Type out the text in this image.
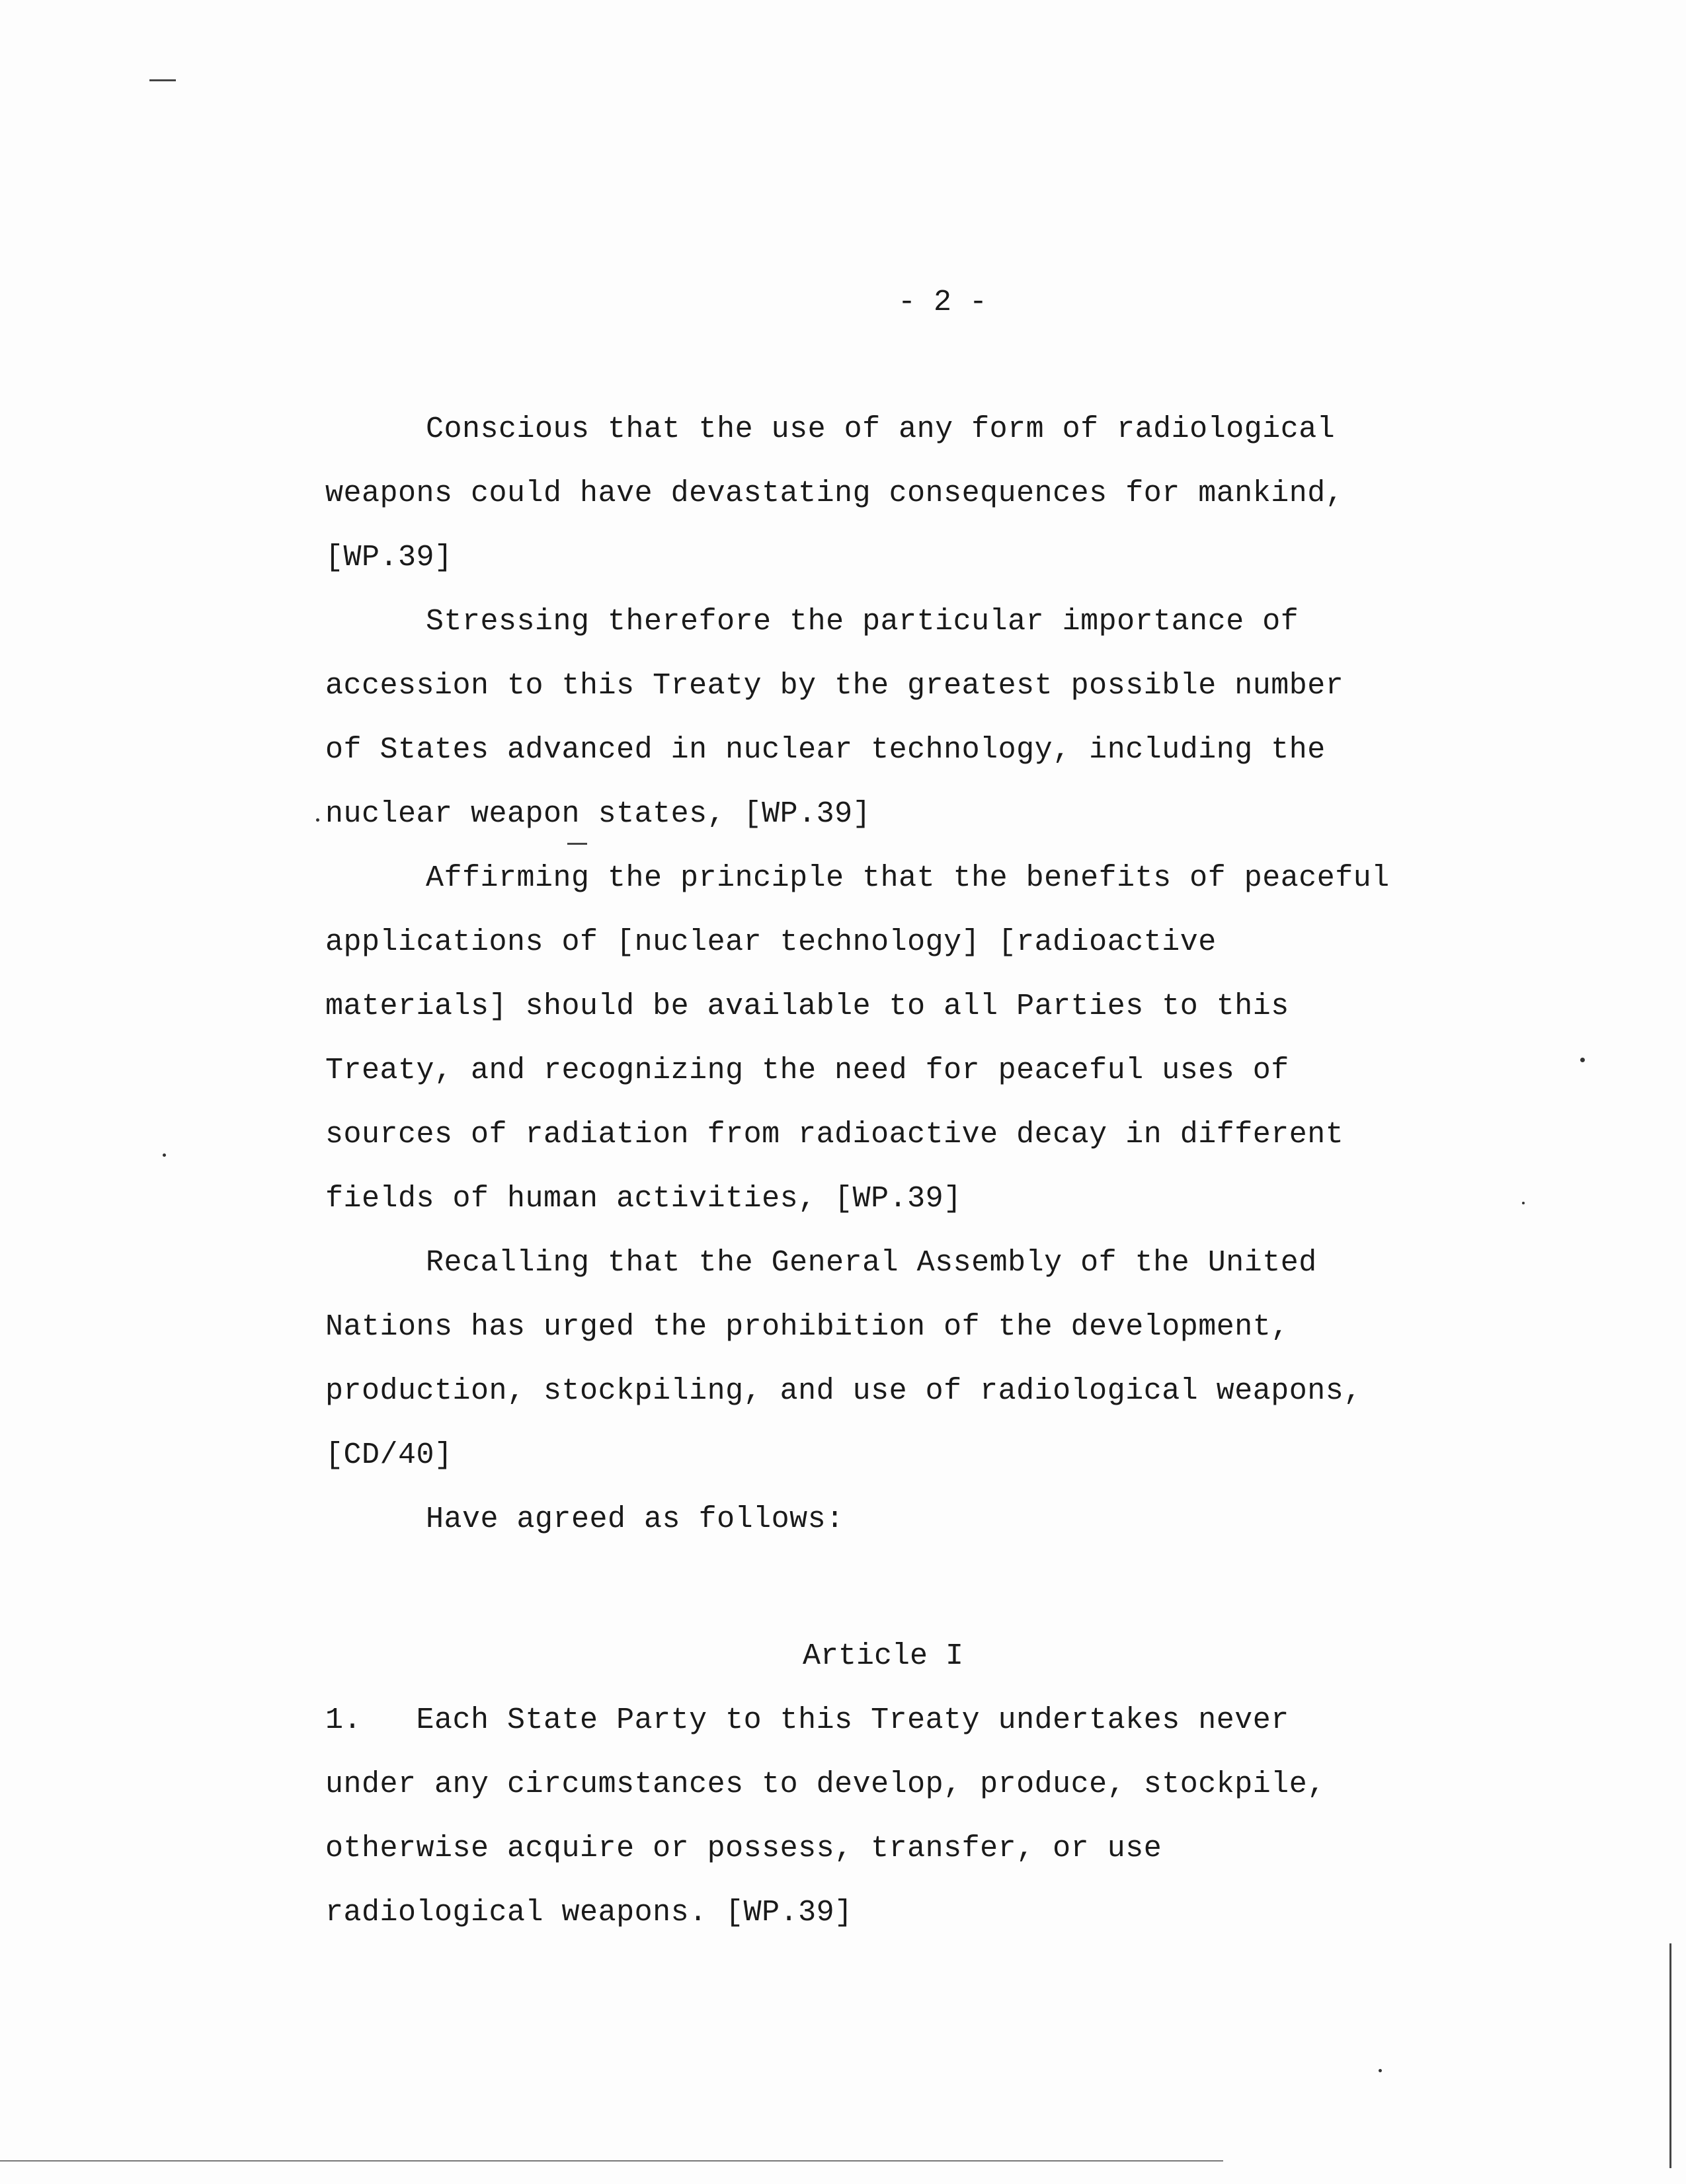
- 2 -
Conscious that the use of any form of radiological
weapons could have devastating consequences for mankind,
[WP.39]
Stressing therefore the particular importance of
accession to this Treaty by the greatest possible number
of States advanced in nuclear technology, including the
nuclear weapon states, [WP.39]
Affirming the principle that the benefits of peaceful
applications of [nuclear technology] [radioactive
materials] should be available to all Parties to this
Treaty, and recognizing the need for peaceful uses of
sources of radiation from radioactive decay in different
fields of human activities, [WP.39]
Recalling that the General Assembly of the United
Nations has urged the prohibition of the development,
production, stockpiling, and use of radiological weapons,
[CD/40]
Have agreed as follows:
Article I
1.   Each State Party to this Treaty undertakes never
under any circumstances to develop, produce, stockpile,
otherwise acquire or possess, transfer, or use
radiological weapons. [WP.39]
